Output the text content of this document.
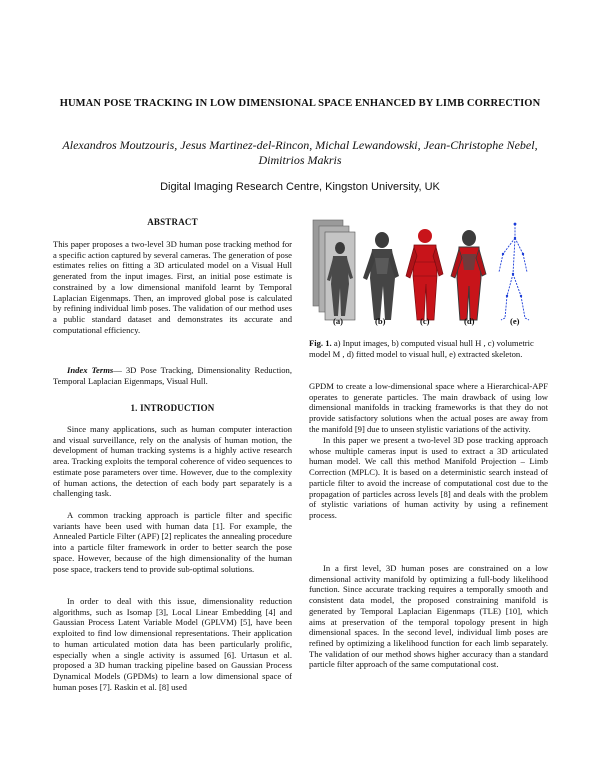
HUMAN POSE TRACKING IN LOW DIMENSIONAL SPACE ENHANCED BY LIMB CORRECTION
Alexandros Moutzouris, Jesus Martinez-del-Rincon, Michal Lewandowski, Jean-Christophe Nebel, Dimitrios Makris
Digital Imaging Research Centre, Kingston University, UK
ABSTRACT

This paper proposes a two-level 3D human pose tracking method for a specific action captured by several cameras. The generation of pose estimates relies on fitting a 3D articulated model on a Visual Hull generated from the input images. First, an initial pose estimate is constrained by a low dimensional manifold learnt by Temporal Laplacian Eigenmaps. Then, an improved global pose is calculated by refining individual limb poses. The validation of our method uses a public standard dataset and demonstrates its accurate and computational efficiency.

Index Terms— 3D Pose Tracking, Dimensionality Reduction, Temporal Laplacian Eigenmaps, Visual Hull.
1. INTRODUCTION

Since many applications, such as human computer interaction and visual surveillance, rely on the analysis of human motion, the development of human tracking systems is a highly active research area. Tracking exploits the temporal coherence of video sequences to estimate pose parameters over time. However, due to the complexity of human actions, the detection of each body part separately is a challenging task.

A common tracking approach is particle filter and specific variants have been used with human data [1]. For example, the Annealed Particle Filter (APF) [2] replicates the annealing procedure into a particle filter framework in order to better search the pose space. However, because of the high dimensionality of the human pose space, trackers tend to provide sub-optimal solutions.

In order to deal with this issue, dimensionality reduction algorithms, such as Isomap [3], Local Linear Embedding [4] and Gaussian Process Latent Variable Model (GPLVM) [5], have been exploited to find low dimensional representations. Their application to human articulated motion data has been particularly prolific, especially when a single activity is assumed [6]. Urtasun et al. proposed a 3D human tracking pipeline based on Gaussian Process Dynamical Models (GPDMs) to learn a low dimensional space of human poses [7]. Raskin et al. [8] used

(a)	(b)	(c)	(d)	(e)
Fig. 1. a) Input images, b) computed visual hull H , c) volumetric model M , d) fitted model to visual hull, e) extracted skeleton.

GPDM to create a low-dimensional space where a Hierarchical-APF operates to generate particles. The main drawback of using low dimensional manifolds in tracking frameworks is that they do not provide satisfactory solutions when the actual poses are away from the manifold [9] due to unseen stylistic variations of the activity.

In this paper we present a two-level 3D pose tracking approach whose multiple cameras input is used to extract a 3D articulated human model. We call this method Manifold Projection – Limb Correction (MPLC). It is based on a deterministic search instead of particle filter to avoid the increase of computational cost due to the propagation of particles across levels [8] and deals with the problem of stylistic variations of human activity by using a refinement process.

In a first level, 3D human poses are constrained on a low dimensional activity manifold by optimizing a full-body likelihood function. Since accurate tracking requires a temporally smooth and consistent data model, the proposed constraining manifold is generated by Temporal Laplacian Eigenmaps (TLE) [10], which aims at preservation of the temporal topology present in high dimensional spaces. In the second level, individual limb poses are refined by optimizing a likelihood function for each limb separately. The validation of our method shows higher accuracy than a standard particle filter approach of the same computational cost.
